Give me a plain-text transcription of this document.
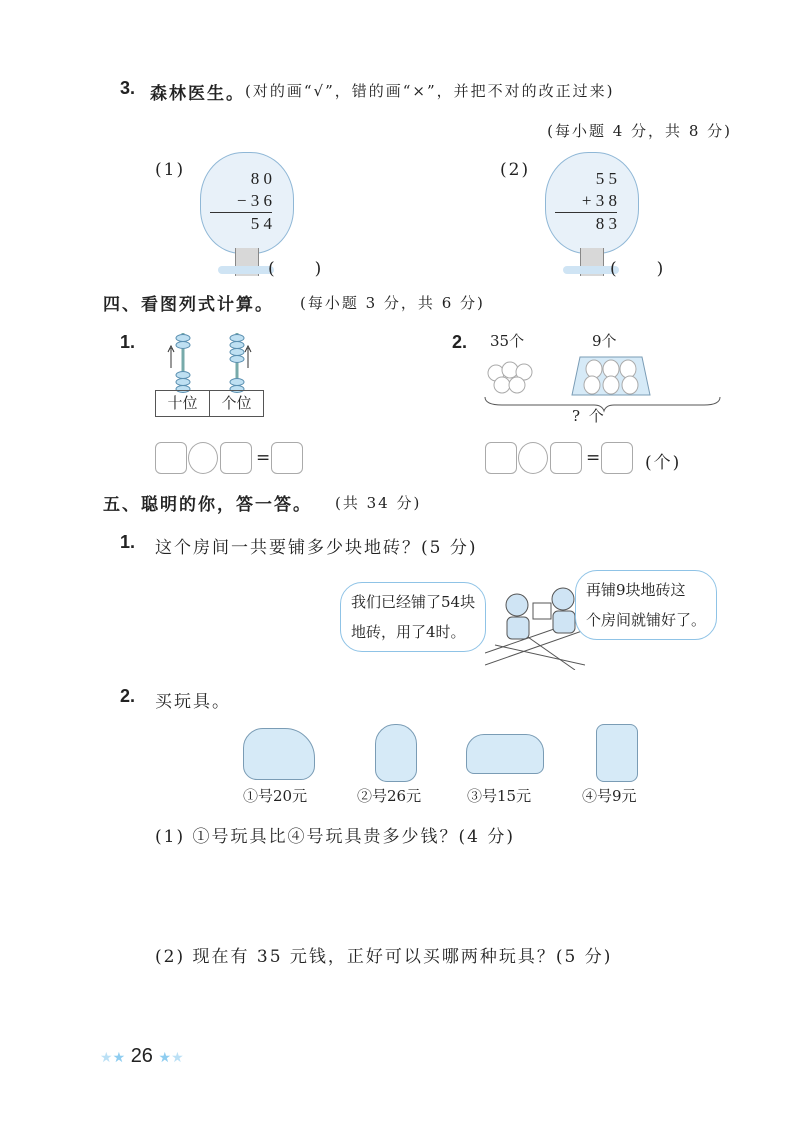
3. 森林医生。 (对的画“√”，错的画“×”，并把不对的改正过来)
(每小题 4 分，共 8 分)
(1)	8 0
− 3 6
5 4
(　　)
(2)	5 5
+ 3 8
8 3
(　　)
四、看图列式计算。 (每小题 3 分，共 6 分)
1.
十位	个位
=
2. 35个	9个
? 个
=	(个)
五、聪明的你，答一答。 (共 34 分)
1. 这个房间一共要铺多少块地砖？(5 分)
我们已经铺了54块
地砖，用了4时。
再铺9块地砖这
个房间就铺好了。
2. 买玩具。
①号20元	②号26元	③号15元	④号9元
(1) ①号玩具比④号玩具贵多少钱？(4 分)
(2) 现在有 35 元钱，正好可以买哪两种玩具？(5 分)
★★ 26 ★★
